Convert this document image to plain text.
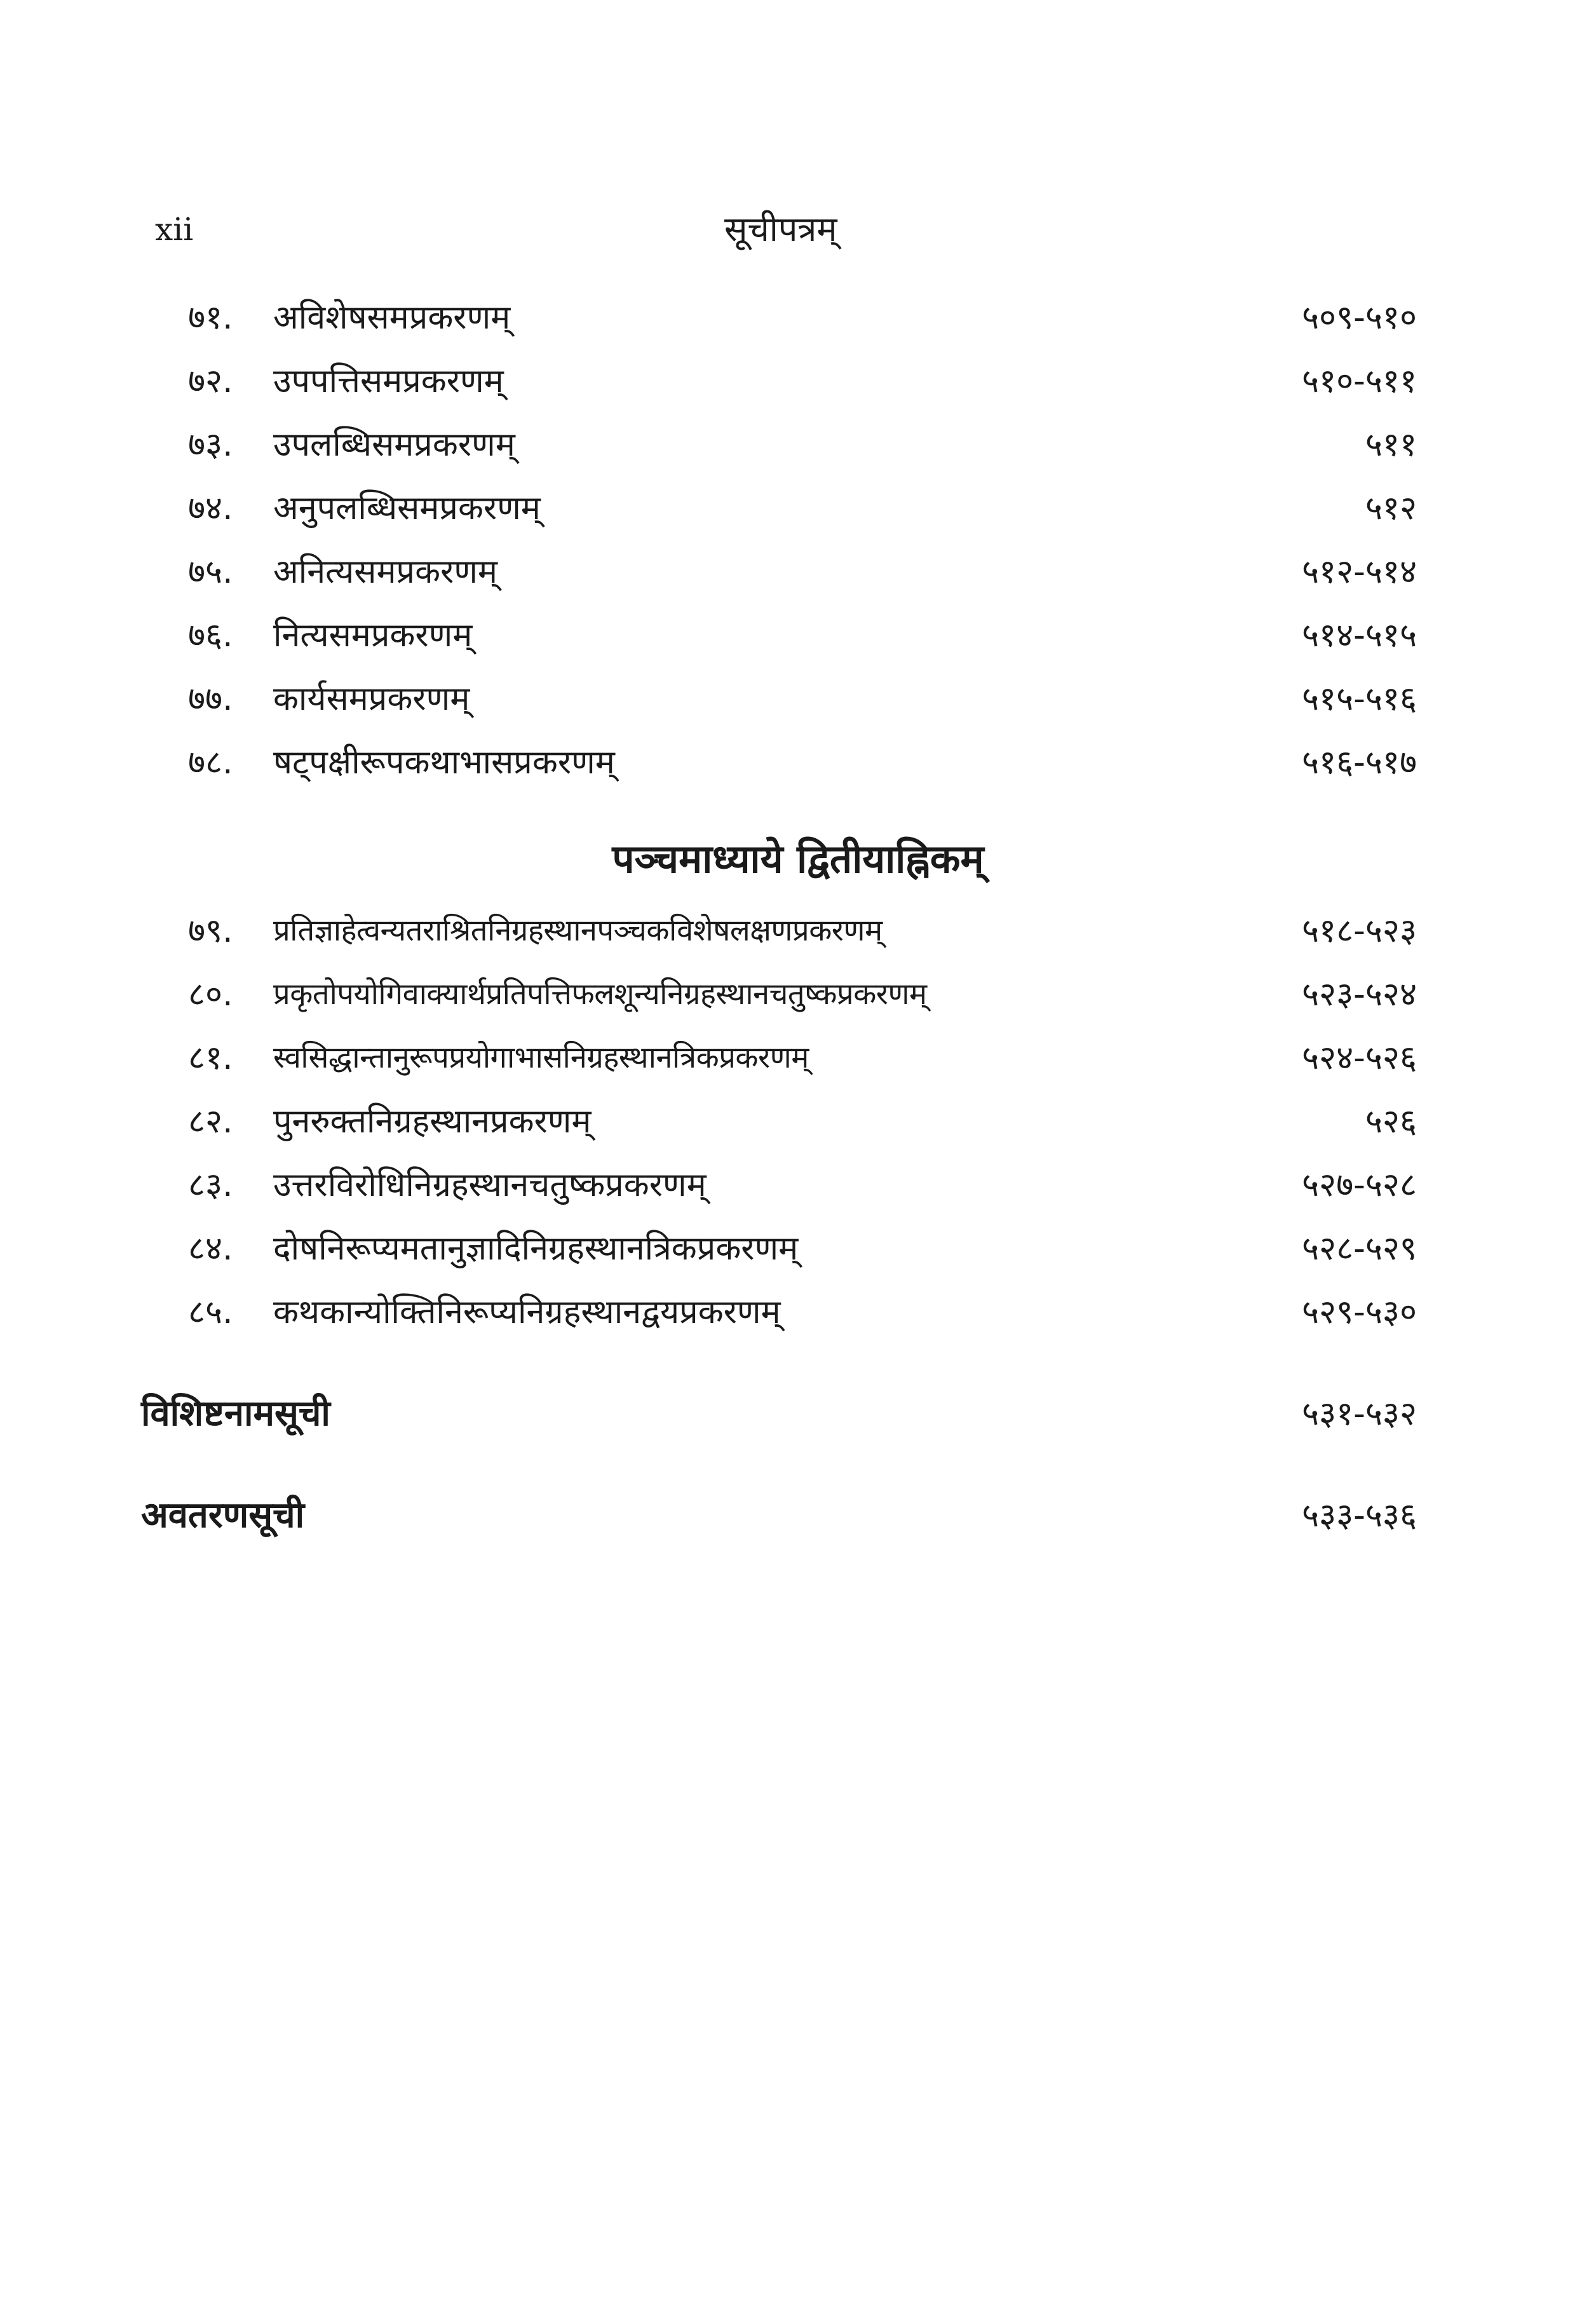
xii	सूचीपत्रम्
७१. अविशेषसमप्रकरणम्	५०९-५१०
७२. उपपत्तिसमप्रकरणम्	५१०-५११
७३. उपलब्धिसमप्रकरणम्	५११
७४. अनुपलब्धिसमप्रकरणम्	५१२
७५. अनित्यसमप्रकरणम्	५१२-५१४
७६. नित्यसमप्रकरणम्	५१४-५१५
७७. कार्यसमप्रकरणम्	५१५-५१६
७८. षट्पक्षीरूपकथाभासप्रकरणम्	५१६-५१७
पञ्चमाध्याये द्वितीयाह्निकम्
७९. प्रतिज्ञाहेत्वन्यतराश्रितनिग्रहस्थानपञ्चकविशेषलक्षणप्रकरणम्	५१८-५२३
८०. प्रकृतोपयोगिवाक्यार्थप्रतिपत्तिफलशून्यनिग्रहस्थानचतुष्कप्रकरणम्	५२३-५२४
८१. स्वसिद्धान्तानुरूपप्रयोगाभासनिग्रहस्थानत्रिकप्रकरणम्	५२४-५२६
८२. पुनरुक्तनिग्रहस्थानप्रकरणम्	५२६
८३. उत्तरविरोधिनिग्रहस्थानचतुष्कप्रकरणम्	५२७-५२८
८४. दोषनिरूप्यमतानुज्ञादिनिग्रहस्थानत्रिकप्रकरणम्	५२८-५२९
८५. कथकान्योक्तिनिरूप्यनिग्रहस्थानद्वयप्रकरणम्	५२९-५३०
विशिष्टनामसूची	५३१-५३२
अवतरणसूची	५३३-५३६
